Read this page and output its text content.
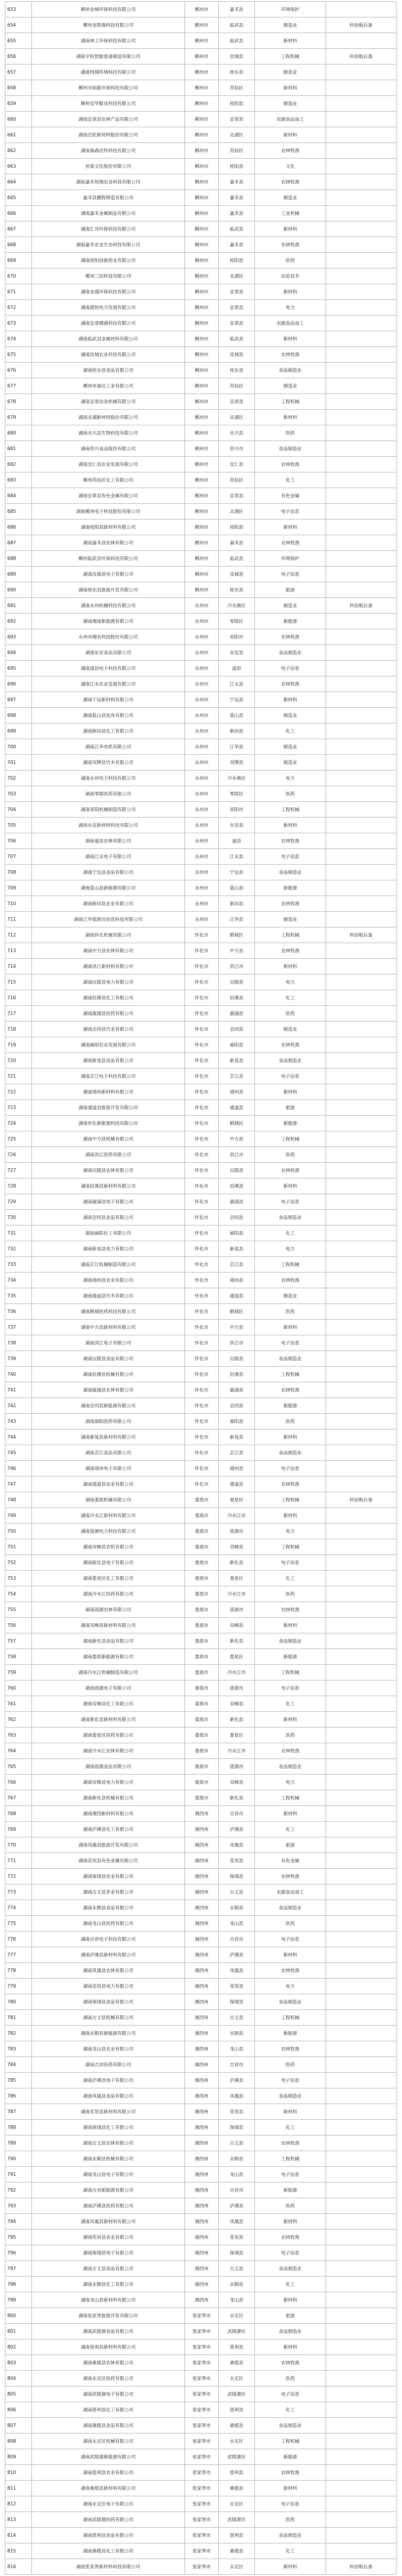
653	郴州金城环保科技有限公司	郴州市	嘉禾县	环境保护	
654	郴州金凯瑞科技有限公司	郴州市	临武县	制造业	科创板后备
655	湖南神工环保科技有限公司	郴州市	临武县	新材料	
656	湖南宇恒智能装备制造有限公司	郴州市	汝城县	工程机械	科创板后备
657	湖南珂瑞环境科技有限公司	郴州市	桂东县	制造业	
658	郴州市裕能环保科技有限公司	郴州市	苏仙区	新材料	
659	郴州安华鞋业科技有限公司	郴州市	桂阳县	制造业	
660	湖南宜章县农林产品有限公司	郴州市	宜章县	农副食品加工	
661	湖南宏旺新材料股份有限公司	郴州市	北湖区	新材料	
662	湖南森森农牧科技有限公司	郴州市	苏仙区	农林牧渔	
663	恒泰文化股份有限公司	郴州市	桂阳县	文化	
664	湖南嘉禾恒翔农业科技有限公司	郴州市	嘉禾县	农林牧渔	
665	嘉禾县鹏程铸造有限公司	郴州市	嘉禾县	制造业	
666	湖南嘉禾金属制品有限公司	郴州市	嘉禾县	工业机械	
667	湖南汇洋环保科技有限公司	郴州市	临武县	新材料	
668	湖南嘉禾农业生态科技有限公司	郴州市	嘉禾县	农林牧渔	
669	湖南桂阳创新药业有限公司	郴州市	桂阳县	医药	
670	郴州三信科技有限公司	郴州市	北湖区	信息技术	
671	湖南金盛环保科技有限公司	郴州市	宜章县	新材料	
672	湖南德恒电力发展有限公司	郴州市	宜章县	电力	
673	湖南宜章健康科技有限公司	郴州市	宜章县	农副食品加工	
674	湖南临武县金属材料有限公司	郴州市	临武县	新材料	
675	湖南汝城农业科技有限公司	郴州市	汝城县	农林牧渔	
676	湖南桂东县食品有限公司	郴州市	桂东县	食品制造业	
677	郴州市森达工业有限公司	郴州市	苏仙区	制造业	
678	湖南宜章冶金机械有限公司	郴州市	宜章县	工程机械	
679	湖南北湖新材料股份有限公司	郴州市	北湖区	新材料	
680	湖南永兴县生物科技有限公司	郴州市	永兴县	医药	
681	湖南资兴食品股份有限公司	郴州市	资兴市	食品制造业	
682	湖南安仁县农业发展有限公司	郴州市	安仁县	农林牧渔	
683	郴州苏仙区化工有限公司	郴州市	苏仙区	化工	
684	湖南宜章县有色金属有限公司	郴州市	宜章县	有色金属	
685	湖南郴州电子科技股份有限公司	郴州市	北湖区	电子信息	
686	湖南桂阳县新材料有限公司	郴州市	桂阳县	新材料	
687	湖南嘉禾县农林有限公司	郴州市	嘉禾县	农林牧渔	
688	郴州临武县环保科技有限公司	郴州市	临武县	环境保护	
689	湖南汝城县电子有限公司	郴州市	汝城县	电子信息	
690	湖南桂东县旅游开发有限公司	郴州市	桂东县	旅游	
691	湖南永州机械科技有限公司	永州市	冷水滩区	制造业	科创板后备
692	湖南湘南新能源有限公司	永州市	零陵区	新能源	
693	永州市湘农科技股份有限公司	永州市	祁阳市	农林牧渔	
694	湖南东安食品有限公司	永州市	东安县	食品制造业	
695	湖南道县电子科技有限公司	永州市	道县	电子信息	
696	湖南江永农业发展有限公司	永州市	江永县	农林牧渔	
697	湖南宁远新材料有限公司	永州市	宁远县	新材料	
698	湖南蓝山县皮具有限公司	永州市	蓝山县	制造业	
699	湖南新田县化工有限公司	永州市	新田县	化工	
700	湖南江华电机有限公司	永州市	江华县	制造业	
701	湖南双牌县竹木有限公司	永州市	双牌县	制造业	
702	湖南永州电力科技有限公司	永州市	冷水滩区	电力	
703	湖南零陵医药有限公司	永州市	零陵区	医药	
704	湖南祁阳机械制造有限公司	永州市	祁阳市	工程机械	
705	湖南东安新材料科技有限公司	永州市	东安县	新材料	
706	湖南道县农林有限公司	永州市	道县	农林牧渔	
707	湖南江永电子有限公司	永州市	江永县	电子信息	
708	湖南宁远县食品有限公司	永州市	宁远县	食品制造业	
709	湖南蓝山县新能源有限公司	永州市	蓝山县	新能源	
710	湖南新田县农业有限公司	永州市	新田县	农林牧渔	
711	湖南江华瑶族自治县科技有限公司	永州市	江华县	制造业	
712	湖南怀化机械有限公司	怀化市	鹤城区	工程机械	科创板后备
713	湖南中方县农林有限公司	怀化市	中方县	农林牧渔	
714	湖南洪江新材料有限公司	怀化市	洪江市	新材料	
715	湖南沅陵县电力有限公司	怀化市	沅陵县	电力	
716	湖南辰溪县化工有限公司	怀化市	辰溪县	化工	
717	湖南溆浦县医药有限公司	怀化市	溆浦县	医药	
718	湖南会同县竹业有限公司	怀化市	会同县	制造业	
719	湖南麻阳农业发展有限公司	怀化市	麻阳县	农林牧渔	
720	湖南新晃县食品有限公司	怀化市	新晃县	食品制造业	
721	湖南芷江电子科技有限公司	怀化市	芷江县	电子信息	
722	湖南靖州新材料有限公司	怀化市	靖州县	新材料	
723	湖南通道县旅游开发有限公司	怀化市	通道县	旅游	
724	湖南怀化新能源科技有限公司	怀化市	鹤城区	新能源	
725	湖南中方县机械有限公司	怀化市	中方县	工程机械	
726	湖南洪江医药有限公司	怀化市	洪江市	医药	
727	湖南沅陵县农林有限公司	怀化市	沅陵县	农林牧渔	
728	湖南辰溪县新材料有限公司	怀化市	辰溪县	新材料	
729	湖南溆浦县电子有限公司	怀化市	溆浦县	电子信息	
730	湖南会同县食品有限公司	怀化市	会同县	食品制造业	
731	湖南麻阳化工有限公司	怀化市	麻阳县	化工	
732	湖南新晃县电力有限公司	怀化市	新晃县	电力	
733	湖南芷江机械制造有限公司	怀化市	芷江县	工程机械	
734	湖南靖州县农业有限公司	怀化市	靖州县	农林牧渔	
735	湖南通道县竹木有限公司	怀化市	通道县	制造业	
736	湖南鹤城医药科技有限公司	怀化市	鹤城区	医药	
737	湖南中方县新材料有限公司	怀化市	中方县	新材料	
738	湖南洪江电子有限公司	怀化市	洪江市	电子信息	
739	湖南沅陵县食品有限公司	怀化市	沅陵县	食品制造业	
740	湖南辰溪县机械有限公司	怀化市	辰溪县	工程机械	
741	湖南溆浦县农林有限公司	怀化市	溆浦县	农林牧渔	
742	湖南会同县新能源有限公司	怀化市	会同县	新能源	
743	湖南麻阳医药有限公司	怀化市	麻阳县	医药	
744	湖南新晃县新材料有限公司	怀化市	新晃县	新材料	
745	湖南芷江食品有限公司	怀化市	芷江县	食品制造业	
746	湖南靖州电子有限公司	怀化市	靖州县	电子信息	
747	湖南通道县农业有限公司	怀化市	通道县	农林牧渔	
748	湖南娄底机械有限公司	娄底市	娄星区	工程机械	科创板后备
749	湖南冷水江新材料有限公司	娄底市	冷水江市	新材料	
750	湖南涟源电力科技有限公司	娄底市	涟源市	电力	
751	湖南双峰县农机有限公司	娄底市	双峰县	工程机械	
752	湖南新化县电子有限公司	娄底市	新化县	电子信息	
753	湖南娄星区化工有限公司	娄底市	娄星区	化工	
754	湖南冷水江医药有限公司	娄底市	冷水江市	医药	
755	湖南涟源农林有限公司	娄底市	涟源市	农林牧渔	
756	湖南双峰县新材料有限公司	娄底市	双峰县	新材料	
757	湖南新化县食品有限公司	娄底市	新化县	食品制造业	
758	湖南娄底新能源有限公司	娄底市	娄星区	新能源	
759	湖南冷水江机械制造有限公司	娄底市	冷水江市	工程机械	
760	湖南涟源电子有限公司	娄底市	涟源市	电子信息	
761	湖南双峰县化工有限公司	娄底市	双峰县	化工	
762	湖南新化县新材料有限公司	娄底市	新化县	新材料	
763	湖南娄星区医药有限公司	娄底市	娄星区	医药	
764	湖南冷水江农林有限公司	娄底市	冷水江市	农林牧渔	
765	湖南涟源食品有限公司	娄底市	涟源市	食品制造业	
766	湖南双峰县电力有限公司	娄底市	双峰县	电力	
767	湖南新化县机械有限公司	娄底市	新化县	工程机械	
768	湖南湘西新材料有限公司	湘西州	吉首市	新材料	
769	湖南泸溪县化工有限公司	湘西州	泸溪县	化工	
770	湖南凤凰县旅游开发有限公司	湘西州	凤凰县	旅游	
771	湖南花垣县有色金属有限公司	湘西州	花垣县	有色金属	
772	湖南保靖县农业有限公司	湘西州	保靖县	农林牧渔	
773	湖南古丈县茶业有限公司	湘西州	古丈县	农副食品加工	
774	湖南永顺县食品有限公司	湘西州	永顺县	食品制造业	
775	湖南龙山县医药有限公司	湘西州	龙山县	医药	
776	湖南吉首电子科技有限公司	湘西州	吉首市	电子信息	
777	湖南泸溪县新材料有限公司	湘西州	泸溪县	新材料	
778	湖南凤凰县农林有限公司	湘西州	凤凰县	农林牧渔	
779	湖南花垣县电力有限公司	湘西州	花垣县	电力	
780	湖南保靖县食品有限公司	湘西州	保靖县	食品制造业	
781	湖南古丈县机械有限公司	湘西州	古丈县	工程机械	
782	湖南永顺县新能源有限公司	湘西州	永顺县	新能源	
783	湖南龙山县农业有限公司	湘西州	龙山县	农林牧渔	
784	湖南吉首医药有限公司	湘西州	吉首市	医药	
785	湖南泸溪县电子有限公司	湘西州	泸溪县	电子信息	
786	湖南凤凰县食品有限公司	湘西州	凤凰县	食品制造业	
787	湖南花垣县新材料有限公司	湘西州	花垣县	新材料	
788	湖南保靖县化工有限公司	湘西州	保靖县	化工	
789	湖南古丈县农林有限公司	湘西州	古丈县	农林牧渔	
790	湖南永顺县机械有限公司	湘西州	永顺县	工程机械	
791	湖南龙山县电子有限公司	湘西州	龙山县	电子信息	
792	湖南吉首新能源有限公司	湘西州	吉首市	新能源	
793	湖南泸溪县医药有限公司	湘西州	泸溪县	医药	
794	湖南凤凰县新材料有限公司	湘西州	凤凰县	新材料	
795	湖南花垣县农业有限公司	湘西州	花垣县	农林牧渔	
796	湖南保靖县电子有限公司	湘西州	保靖县	电子信息	
797	湖南古丈县食品有限公司	湘西州	古丈县	食品制造业	
798	湖南永顺县化工有限公司	湘西州	永顺县	化工	
799	湖南龙山县新材料有限公司	湘西州	龙山县	新材料	
800	湖南张家界旅游开发有限公司	张家界市	永定区	旅游	
801	湖南武陵源食品有限公司	张家界市	武陵源区	食品制造业	
802	湖南慈利县新材料有限公司	张家界市	慈利县	新材料	
803	湖南桑植县农林有限公司	张家界市	桑植县	农林牧渔	
804	湖南永定区医药有限公司	张家界市	永定区	医药	
805	湖南武陵源电子有限公司	张家界市	武陵源区	电子信息	
806	湖南慈利县化工有限公司	张家界市	慈利县	化工	
807	湖南桑植县食品有限公司	张家界市	桑植县	食品制造业	
808	湖南永定区机械有限公司	张家界市	永定区	工程机械	
809	湖南武陵源新能源有限公司	张家界市	武陵源区	新能源	
810	湖南慈利县农业有限公司	张家界市	慈利县	农林牧渔	
811	湖南桑植县新材料有限公司	张家界市	桑植县	新材料	
812	湖南永定区电子有限公司	张家界市	永定区	电子信息	
813	湖南武陵源医药有限公司	张家界市	武陵源区	医药	
814	湖南慈利县食品有限公司	张家界市	慈利县	食品制造业	
815	湖南桑植县化工有限公司	张家界市	桑植县	化工	
816	湖南张家界新材料科技有限公司	张家界市	永定区	新材料	科创板后备
